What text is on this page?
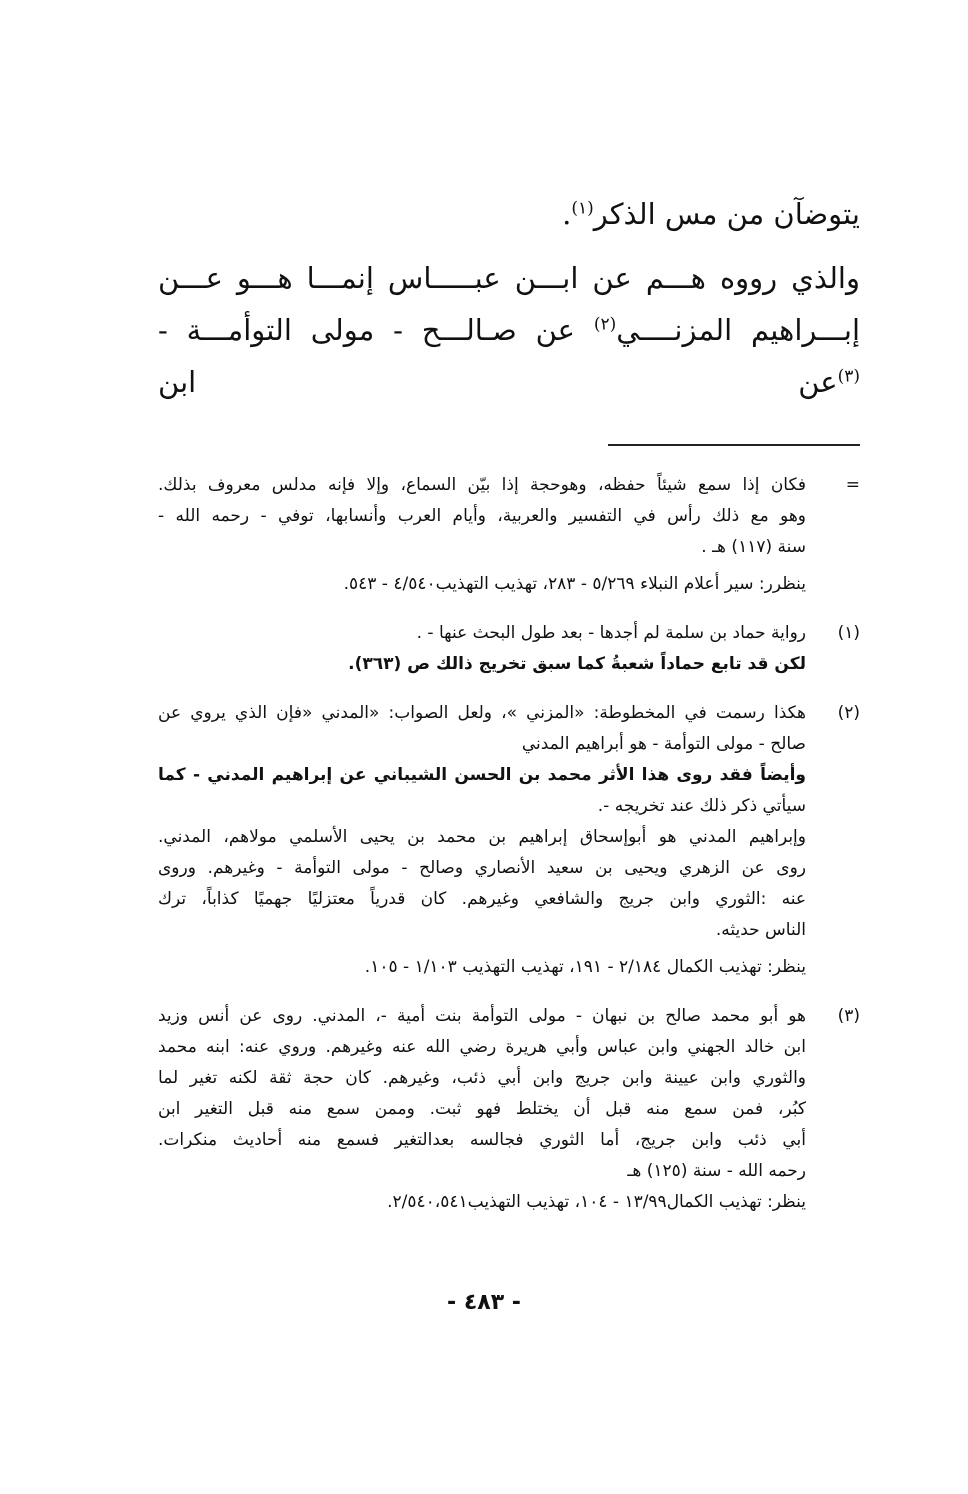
يتوضآن من مس الذكر$^{(١)}$.

والذي رووه هـــم عن ابـــن عبـــــاس إنمـــا هـــو عـــن

إبـــراهيم المزنــــي$^{(٢)}$ عن صـالـــح - مولى التوأمـــة - $^{(٣)}$عن ابن

=
فكان إذا سمع شيئاً حفظه، وهوحجة إذا بيّن السماع، وإلا فإنه مدلس معروف بذلك.
وهو مع ذلك رأس في التفسير والعربية، وأيام العرب وأنسابها، توفي - رحمه الله -
سنة (١١٧) هـ .
ينظرر: سير أعلام النبلاء ٥/٢٦٩ - ٢٨٣، تهذيب التهذيب٤/٥٤٠ - ٥٤٣.
(١)
رواية حماد بن سلمة لم أجدها - بعد طول البحث عنها - .
لكن قد تابع حماداً شعبةُ كما سبق تخريج ذالك ص (٣٦٣).
(٢)
هكذا رسمت في المخطوطة: «المزني »، ولعل الصواب: «المدني «فإن الذي يروي عن
صالح - مولى التوأمة - هو أبراهيم المدني
وأيضاً فقد روى هذا الأثر محمد بن الحسن الشيباني عن إبراهيم المدني - كما
سيأتي ذكر ذلك عند تخريجه -.
وإبراهيم المدني هو أبوإسحاق إبراهيم بن محمد بن يحيى الأسلمي مولاهم، المدني.
روى عن الزهري ويحيى بن سعيد الأنصاري وصالح - مولى التوأمة - وغيرهم. وروى
عنه :الثوري وابن جريج والشافعي وغيرهم. كان قدرياً معتزليًا جهميًا كذاباً، ترك
الناس حديثه.
ينظر: تهذيب الكمال ٢/١٨٤ - ١٩١، تهذيب التهذيب ١/١٠٣ - ١٠٥.
(٣)
هو أبو محمد صالح بن نبهان - مولى التوأمة بنت أمية -، المدني. روى عن أنس وزيد
ابن خالد الجهني وابن عباس وأبي هريرة رضي الله عنه وغيرهم. وروي عنه: ابنه محمد
والثوري وابن عيينة وابن جريج وابن أبي ذئب، وغيرهم. كان حجة ثقة لكنه تغير لما
كبُر، فمن سمع منه قبل أن يختلط فهو ثبت. وممن سمع منه قبل التغير ابن
أبي ذئب وابن جريج، أما الثوري فجالسه بعدالتغير فسمع منه أحاديث منكرات.
رحمه الله - سنة (١٢٥) هـ
ينظر: تهذيب الكمال١٣/٩٩ - ١٠٤، تهذيب التهذيب٢/٥٤٠،٥٤١.
- ٤٨٣ -
